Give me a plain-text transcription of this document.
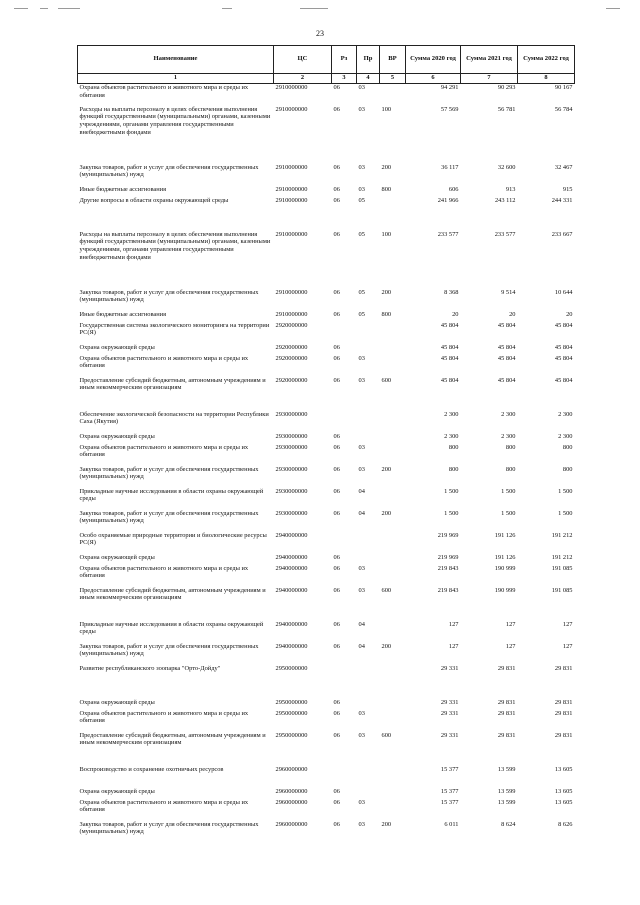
23
Наименование	ЦС	Рз	Пр	ВР	Сумма 2020 год	Сумма 2021 год	Сумма 2022 год
1	2	3	4	5	6	7	8
Охрана объектов растительного и животного мира и среды их обитания	2910000000	06	03		94 291	90 293	90 167
Расходы на выплаты персоналу в целях обеспечения выполнения функций государственными (муниципальными) органами, казенными учреждениями, органами управления государственными внебюджетными фондами	2910000000	06	03	100	57 569	56 781	56 784
Закупка товаров, работ и услуг для обеспечения государственных (муниципальных) нужд	2910000000	06	03	200	36 117	32 600	32 467
Иные бюджетные ассигнования	2910000000	06	03	800	606	913	915
Другие вопросы в области охраны окружающей среды	2910000000	06	05		241 966	243 112	244 331
Расходы на выплаты персоналу в целях обеспечения выполнения функций государственными (муниципальными) органами, казенными учреждениями, органами управления государственными внебюджетными фондами	2910000000	06	05	100	233 577	233 577	233 667
Закупка товаров, работ и услуг для обеспечения государственных (муниципальных) нужд	2910000000	06	05	200	8 368	9 514	10 644
Иные бюджетные ассигнования	2910000000	06	05	800	20	20	20
Государственная система экологического мониторинга на территории РС(Я)	2920000000				45 804	45 804	45 804
Охрана окружающей среды	2920000000	06			45 804	45 804	45 804
Охрана объектов растительного и животного мира и среды их обитания	2920000000	06	03		45 804	45 804	45 804
Предоставление субсидий бюджетным, автономным учреждениям и иным некоммерческим организациям	2920000000	06	03	600	45 804	45 804	45 804
Обеспечение экологической безопасности на территории Республики Саха (Якутия)	2930000000				2 300	2 300	2 300
Охрана окружающей среды	2930000000	06			2 300	2 300	2 300
Охрана объектов растительного и животного мира и среды их обитания	2930000000	06	03		800	800	800
Закупка товаров, работ и услуг для обеспечения государственных (муниципальных) нужд	2930000000	06	03	200	800	800	800
Прикладные научные исследования в области охраны окружающей среды	2930000000	06	04		1 500	1 500	1 500
Закупка товаров, работ и услуг для обеспечения государственных (муниципальных) нужд	2930000000	06	04	200	1 500	1 500	1 500
Особо охраняемые природные территории и биологические ресурсы РС(Я)	2940000000				219 969	191 126	191 212
Охрана окружающей среды	2940000000	06			219 969	191 126	191 212
Охрана объектов растительного и животного мира и среды их обитания	2940000000	06	03		219 843	190 999	191 085
Предоставление субсидий бюджетным, автономным учреждениям и иным некоммерческим организациям	2940000000	06	03	600	219 843	190 999	191 085
Прикладные научные исследования в области охраны окружающей среды	2940000000	06	04		127	127	127
Закупка товаров, работ и услуг для обеспечения государственных (муниципальных) нужд	2940000000	06	04	200	127	127	127
Развитие республиканского зоопарка "Орто-Дойду"	2950000000				29 331	29 831	29 831
Охрана окружающей среды	2950000000	06			29 331	29 831	29 831
Охрана объектов растительного и животного мира и среды их обитания	2950000000	06	03		29 331	29 831	29 831
Предоставление субсидий бюджетным, автономным учреждениям и иным некоммерческим организациям	2950000000	06	03	600	29 331	29 831	29 831
Воспроизводство и сохранение охотничьих ресурсов	2960000000				15 377	13 599	13 605
Охрана окружающей среды	2960000000	06			15 377	13 599	13 605
Охрана объектов растительного и животного мира и среды их обитания	2960000000	06	03		15 377	13 599	13 605
Закупка товаров, работ и услуг для обеспечения государственных (муниципальных) нужд	2960000000	06	03	200	6 011	8 624	8 626
